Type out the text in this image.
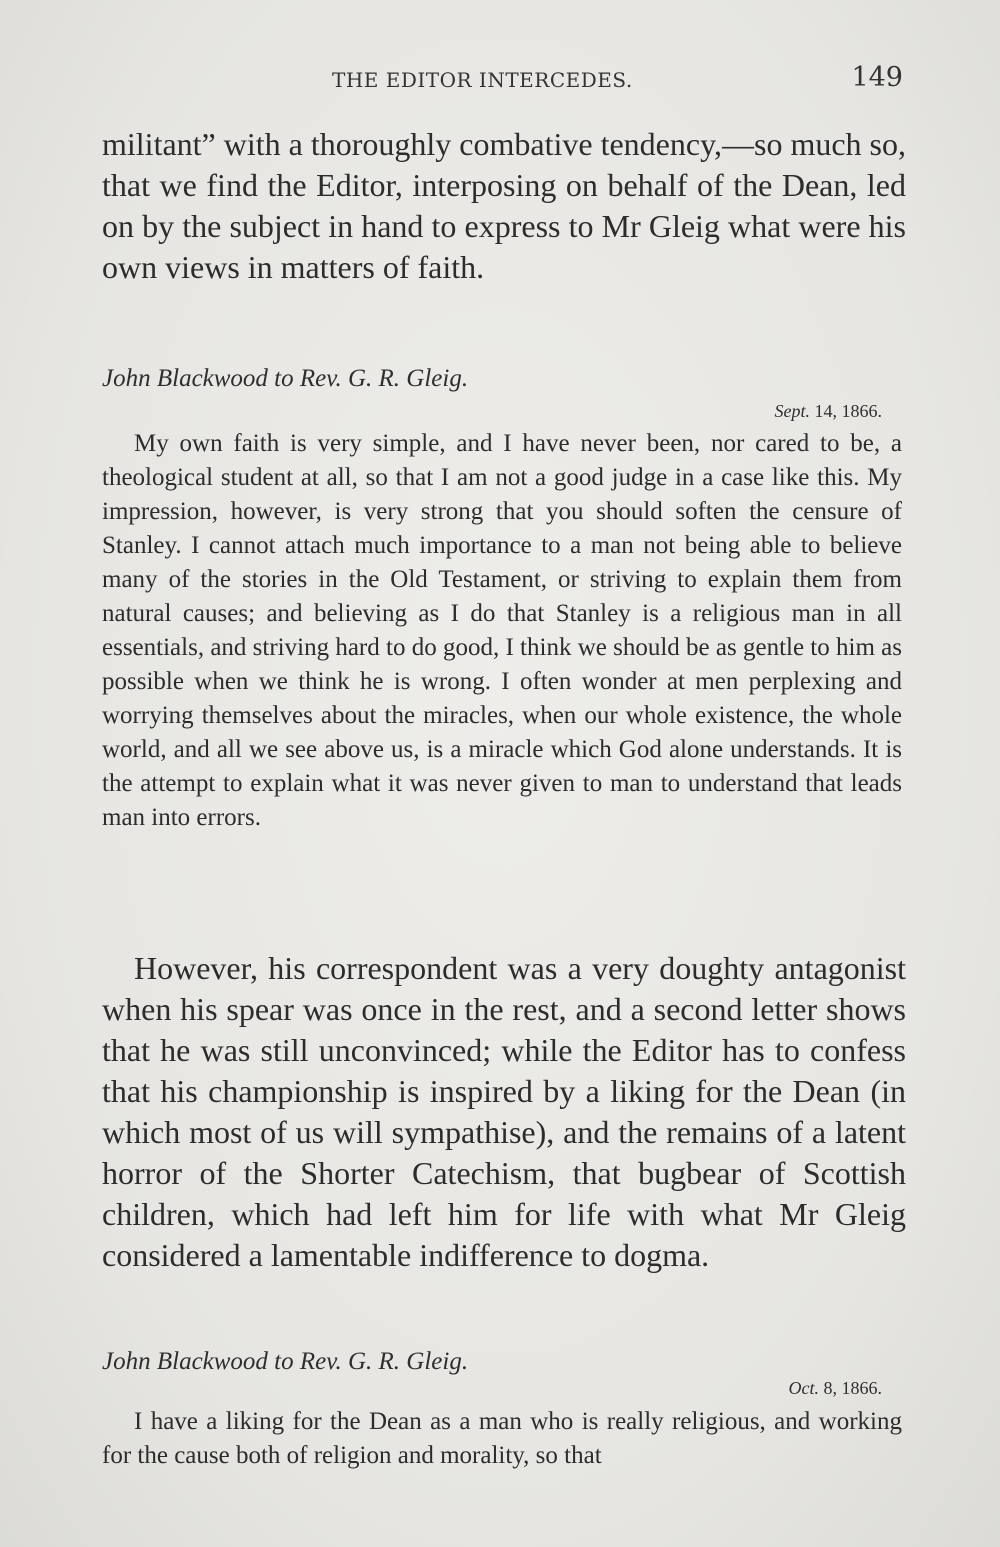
THE EDITOR INTERCEDES.	149

militant” with a thoroughly combative tendency,—so much so, that we find the Editor, interposing on behalf of the Dean, led on by the subject in hand to express to Mr Gleig what were his own views in matters of faith.

John Blackwood to Rev. G. R. Gleig.

Sept. 14, 1866.

My own faith is very simple, and I have never been, nor cared to be, a theological student at all, so that I am not a good judge in a case like this. My impression, however, is very strong that you should soften the censure of Stanley. I cannot attach much importance to a man not being able to believe many of the stories in the Old Testament, or striving to explain them from natural causes; and believing as I do that Stanley is a religious man in all essentials, and striving hard to do good, I think we should be as gentle to him as possible when we think he is wrong. I often wonder at men perplexing and worrying themselves about the miracles, when our whole existence, the whole world, and all we see above us, is a miracle which God alone understands. It is the attempt to explain what it was never given to man to understand that leads man into errors.

However, his correspondent was a very doughty antagonist when his spear was once in the rest, and a second letter shows that he was still unconvinced; while the Editor has to confess that his championship is inspired by a liking for the Dean (in which most of us will sympathise), and the remains of a latent horror of the Shorter Catechism, that bugbear of Scottish children, which had left him for life with what Mr Gleig considered a lamentable indifference to dogma.

John Blackwood to Rev. G. R. Gleig.

Oct. 8, 1866.

I have a liking for the Dean as a man who is really religious, and working for the cause both of religion and morality, so that
